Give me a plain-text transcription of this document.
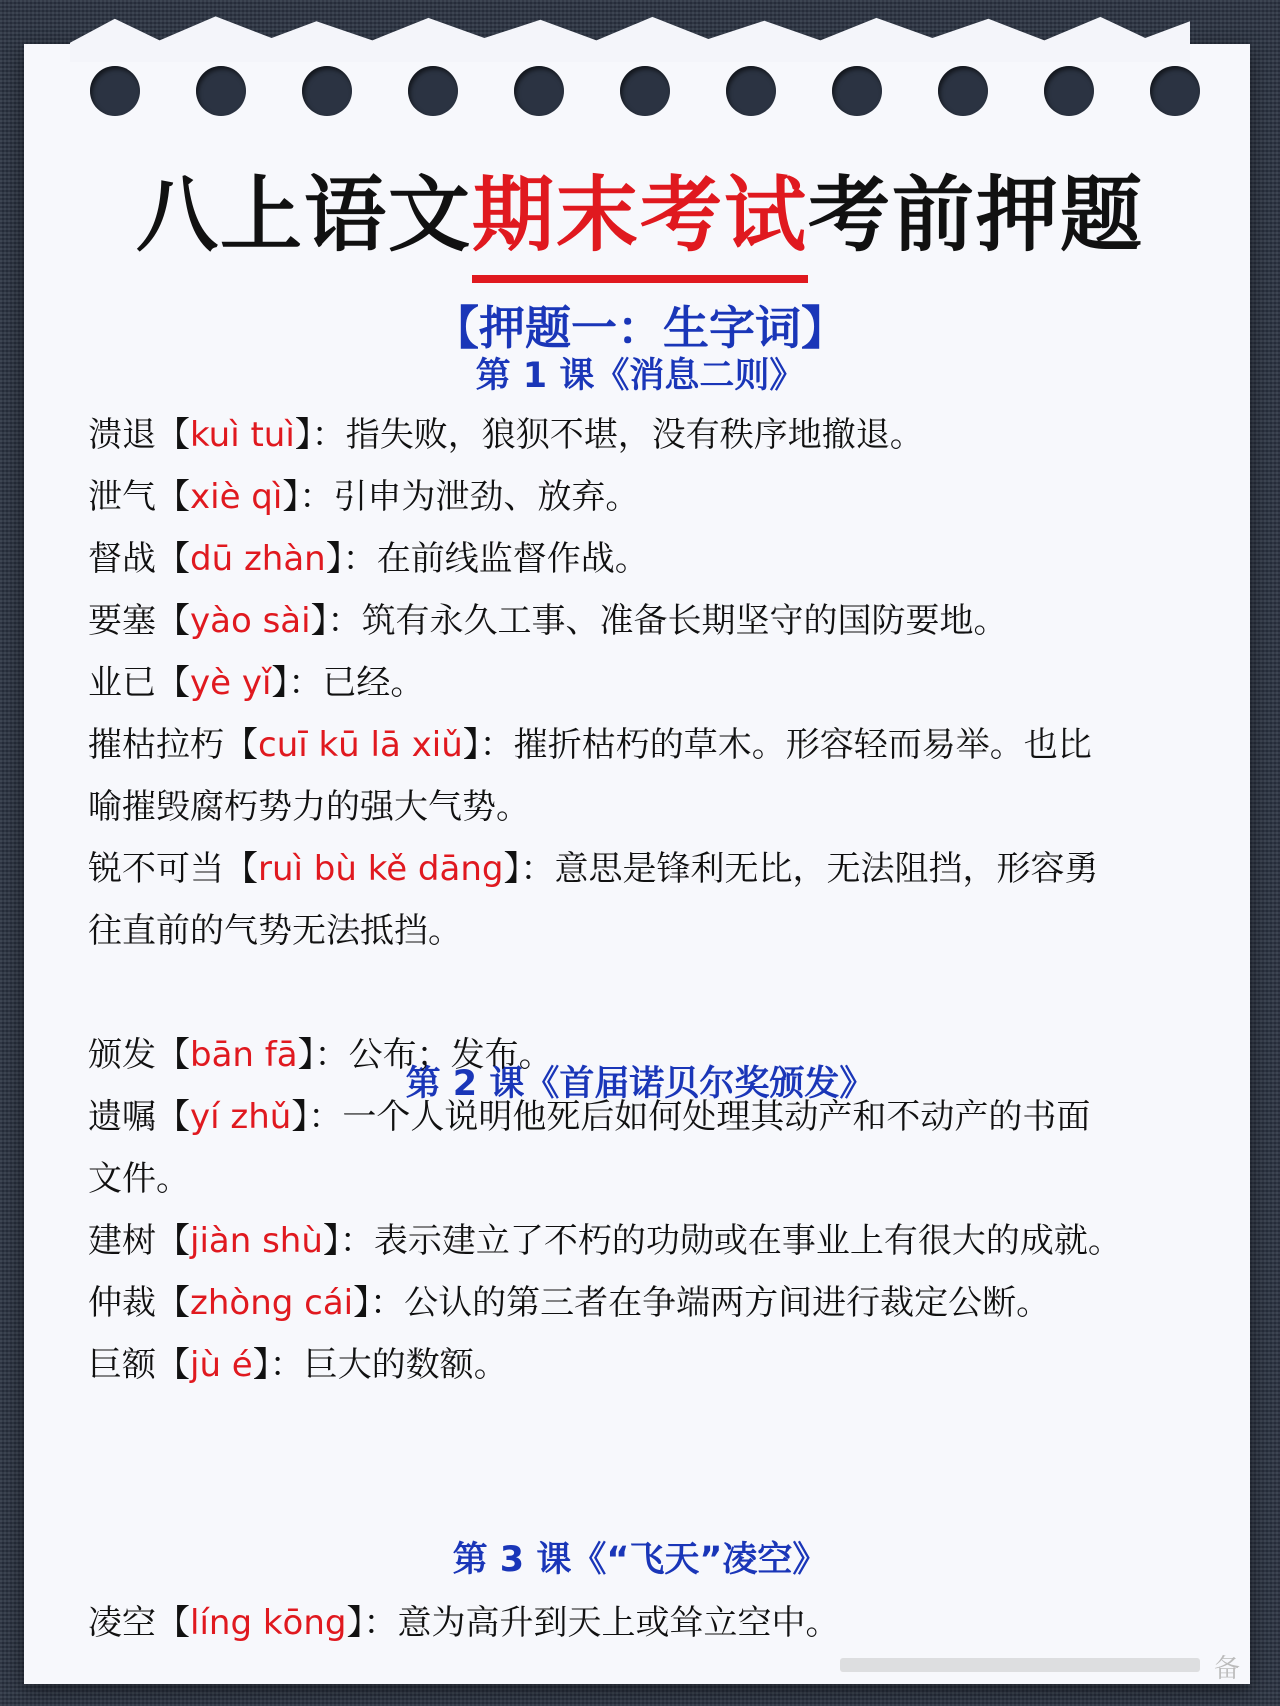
八上语文期末考试考前押题
【押题一：生字词】
第 1 课《消息二则》
溃退【kuì tuì】：指失败，狼狈不堪，没有秩序地撤退。
泄气【xiè qì】：引申为泄劲、放弃。
督战【dū zhàn】：在前线监督作战。
要塞【yào sài】：筑有永久工事、准备长期坚守的国防要地。
业已【yè yǐ】：已经。
摧枯拉朽【cuī kū lā xiǔ】：摧折枯朽的草木。形容轻而易举。也比
喻摧毁腐朽势力的强大气势。
锐不可当【ruì bù kě dāng】：意思是锋利无比，无法阻挡，形容勇
往直前的气势无法抵挡。
第 2 课《首届诺贝尔奖颁发》
颁发【bān fā】：公布；发布。
遗嘱【yí zhǔ】：一个人说明他死后如何处理其动产和不动产的书面
文件。
建树【jiàn shù】：表示建立了不朽的功勋或在事业上有很大的成就。
仲裁【zhòng cái】：公认的第三者在争端两方间进行裁定公断。
巨额【jù é】：巨大的数额。
第 3 课《“飞天”凌空》
凌空【líng kōng】：意为高升到天上或耸立空中。
备
